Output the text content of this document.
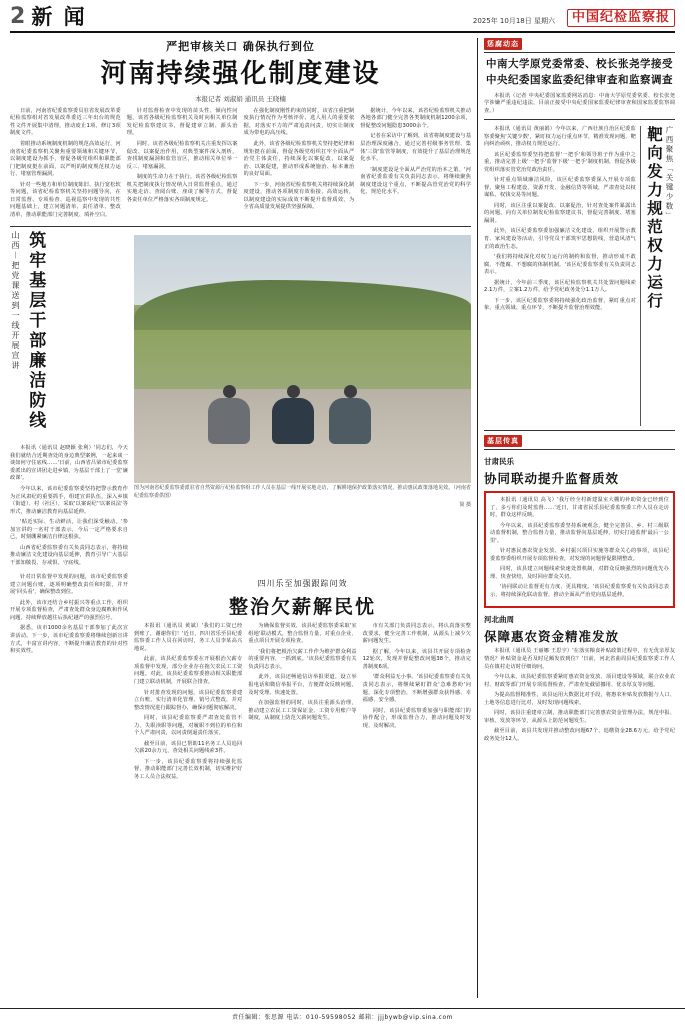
2 新 闻	2025年 10月18日 星期六	中国纪检监察报
严把审核关口 确保执行到位
河南持续强化制度建设
本报记者 刘淑娟 通讯员 王晓楠

日前，河南省纪委监察委员驻省发展改革委纪检监察组对省发展改革委近三年出台的规范性文件开展集中清理，推动废止1项、修订3项制度文件。

着眼推动系统制度机制的规范高效运行，河南省纪委监察机关聚焦重要领域和关键环节，以制度建设为抓手，督促各级党组织和职能部门把制度挺在前面，以严明的制度规范权力运行、堵塞管理漏洞。

针对一些地方和单位制度陈旧、执行宽松软等问题，该省纪检监察机关坚持问题导向，在日常监督、专项检查、巡视巡察中发现的共性问题基础上，建立问题清单、责任清单、整改清单，推动职能部门完善制度、填补空白。

针对监督检查中发现的苗头性、倾向性问题，该省各级纪检监察机关及时向相关单位制发纪检监察建议书，督促建章立制、源头治理。

同时，该省各级纪检监察机关注重发挥以案促改、以案促治作用，对典型案件深入剖析，查找制度漏洞和监管盲区，推动相关单位举一反三、堵塞漏洞。

制度的生命力在于执行。该省各级纪检监察机关把制度执行情况纳入日常监督重点，通过实地走访、查阅台账、座谈了解等方式，督促各责任单位严格落实各项制度规定。

在强化制度刚性约束的同时，该省注重把制度执行情况作为考核评价、选人用人的重要依据，对落实不力的严肃追责问责，切实让制度成为带电的高压线。

此外，该省各级纪检监察机关坚持把纪律和规矩挺在前面，督促各级党组织扛牢全面从严治党主体责任，持续深化以案促改、以案促治、以案促建，推动形成系统施治、标本兼治的良好局面。

下一步，河南省纪检监察机关将持续深化制度建设，推动各项制度有效衔接、高效运转，以制度建设的实际成效不断提升监督质效，为全省高质量发展提供坚强保障。

据统计，今年以来，该省纪检监察机关推动各地各部门健全完善各类制度机制1200余项，督促整改问题隐患3000余个。

记者在采访中了解到，该省将制度建设与基层治理深度融合，通过完善村级事务管理、集体'三资'监管等制度，有效提升了基层治理规范化水平。

'制度建设是全面从严治党的治本之策。'河南省纪委监委有关负责同志表示，将继续聚焦制度建设这个重点，不断提高管党治党的科学化、规范化水平。

山西︱把党课送到一线开展宣讲 筑牢基层干部廉洁防线

本报讯（通讯员 赵晓颖 张利）'同志们，今天我们就结合近期查处的身边典型案例，一起来谈一谈如何守住底线……'日前，山西省吕梁市纪委监察委派出的宣讲团走进乡镇，为基层干部上了一堂'廉政课'。

今年以来，该市纪委监察委坚持把警示教育作为正风肃纪的重要抓手，组建宣讲队伍，深入乡镇（街道）、村（社区），采取'以案说纪''以案说法'等形式，推动廉洁教育向基层延伸。

'贴近实际、生动鲜活，让我们深受触动。'参加宣讲的一名村干部表示，今后一定严格要求自己，时刻绷紧廉洁自律这根弦。

山西省纪委监察委有关负责同志表示，将持续推动廉洁文化建设向基层延伸，教育引导广大基层干部知敬畏、存戒惧、守底线。

图为河南省纪委监察委派驻省自然资源厅纪检监察组工作人员在基层一线开展实地走访，了解耕地保护政策落实情况，推动惠民政策落地见效。（河南省纪委监察委供图）
简 摄

针对日常监督中发现的问题，该市纪委监察委建立问题台账，逐项明确整改责任和时限，并开展'回头看'，确保整改到位。

此外，该市还结合乡村振兴等重点工作，组织开展专项监督检查，严肃查处群众身边腐败和作风问题，持续释放越往后执纪越严的强烈信号。

据悉，该市1000余名基层干部参加了此次宣讲活动。下一步，该市纪委监察委将继续创新宣讲方式，丰富宣讲内容，不断提升廉洁教育的针对性和实效性。

四川乐至加强跟踪问效
整治欠薪解民忧

本报讯（通讯员 黄斌）'我们的工资已经到账了，谢谢你们！'近日，四川省乐至县纪委监察委工作人员在回访时，务工人员李某高兴地说。

此前，该县纪委监察委在开展根治欠薪专项监督中发现，部分企业存在拖欠农民工工资问题。对此，该县纪委监察委推动相关职能部门建立联动机制，开展联合排查。

针对排查发现的问题，该县纪委监察委建立台账，实行清单化管理、销号式整改，并对整改情况进行跟踪督办，确保问题彻底解决。

同时，该县纪委监察委严肃查处监管不力、失职渎职等问题，对履职不到位的单位和个人严肃问责，以问责倒逼责任落实。

截至目前，该县已帮助11名务工人员追回欠薪20余万元，查处相关问题线索3件。

下一步，该县纪委监察委将持续强化监督，推动职能部门完善长效机制，切实维护好务工人员合法权益。

为确保监督实效，该县纪委监察委采取'室组地'联动模式，整合监督力量，对重点企业、重点项目开展专项检查。

'我们将把根治欠薪工作作为维护群众利益的重要内容，一抓到底。'该县纪委监察委有关负责同志表示。

此外，该县还畅通信访举报渠道，设立举报电话和微信举报平台，方便群众反映问题，及时受理、快速处置。

在加强监督的同时，该县注重源头治理，推动建立农民工工资保证金、工资专用账户等制度，从制度上防范欠薪问题发生。

市有关部门负责同志表示，将认真落实整改要求，健全完善工作机制，从源头上减少欠薪问题发生。

据了解，今年以来，该县共开展专项检查12轮次，发现并督促整改问题38个，推动完善制度6项。

'群众利益无小事。'该县纪委监察委有关负责同志表示，将继续紧盯群众'急难愁盼'问题，深化专项整治，不断增强群众获得感、幸福感、安全感。

同时，该县纪委监察委加强与职能部门的协作配合，形成监督合力，推动问题及时发现、及时解决。

惩腐动态
中南大学原党委常委、校长张尧学接受中央纪委国家监委纪律审查和监察调查

本报讯（记者 中央纪委国家监委网站消息：中南大学原党委常委、校长张尧学涉嫌严重违纪违法，目前正接受中央纪委国家监委纪律审查和国家监委监察调查。）

本报讯（通讯员 黄丽娟）今年以来，广西壮族自治区纪委监察委聚焦'关键少数'，紧盯权力运行重点环节，精准发现问题、靶向纠治顽疾，推动权力规范运行。

该区纪委监察委坚持把监督'一把手'和领导班子作为重中之重，推动完善上级'一把手'监督下级'一把手'制度机制，督促各级党组织落实管党治党政治责任。

针对重点领域廉洁风险，该区纪委监察委深入开展专项监督，聚焦工程建设、资源开发、金融信贷等领域，严肃查处以权谋私、权钱交易等问题。

同时，该区注重以案促改、以案促治，针对查处案件暴露出的问题，向有关单位制发纪检监察建议书，督促完善制度、堵塞漏洞。

此外，该区纪委监察委加强廉洁文化建设，组织开展警示教育、家风建设等活动，引导党员干部筑牢思想防线，营造风清气正的政治生态。

'我们将持续深化对权力运行的制约和监督，推动形成不敢腐、不能腐、不想腐的体制机制。'该区纪委监察委有关负责同志表示。

据统计，今年前三季度，该区纪检监察机关共处置问题线索2.1万件，立案1.2万件，给予党纪政务处分1.1万人。

下一步，该区纪委监察委将持续强化政治监督，紧盯重点对象、重点领域、重点环节，不断提升监督治理效能。	靶向发力规范权力运行 广西聚焦「关键少数」
基层传真
甘肃民乐
协同联动提升监督质效

本报讯（通讯员 高飞）'我厅经全村新建温室大棚的补助资金已经到位了，多亏你们及时监督……'近日，甘肃省民乐县纪委监察委工作人员在走访时，群众这样反映。

今年以来，该县纪委监察委坚持系统观念，健全完善县、乡、村三级联动监督机制，整合监督力量，推动监督向基层延伸，切实打通监督'最后一公里'。

针对惠民惠农资金发放、乡村振兴项目实施等群众关心的事项，该县纪委监察委组织开展专项监督检查，对发现的问题督促限期整改。

同时，该县建立问题线索快速处置机制，对群众反映强烈的问题优先办理、快查快结，及时回应群众关切。

'协同联动让监督更有力度、更具精度。'该县纪委监察委有关负责同志表示，将持续深化联动监督，推动全面从严治党向基层延伸。

河北曲周
保障惠农资金精准发放

本报讯（通讯员 王丽娜 王思宇）'在落实粮食补贴政策过程中，有无优亲厚友情况？补贴资金是否及时足额发放到位？'日前，河北省曲周县纪委监察委工作人员在镇村走访时仔细询问。

今年以来，该县纪委监察委紧盯惠农资金发放、项目建设等领域，联合农业农村、财政等部门开展专项监督检查，严肃查处截留挪用、优亲厚友等问题。

为提高监督精准性，该县运用大数据比对手段，将惠农补贴发放数据与人口、土地等信息进行比对，及时发现问题线索。

同时，该县注重建章立制，推动职能部门完善惠农资金管理办法，规范申报、审核、发放等环节，从源头上防范问题发生。

截至目前，该县共发现并推动整改问题67个，追缴资金28.6万元，给予党纪政务处分12人。

责任编辑：张思源 电话：010-59598052 邮箱：jjjbywb@vip.sina.com
